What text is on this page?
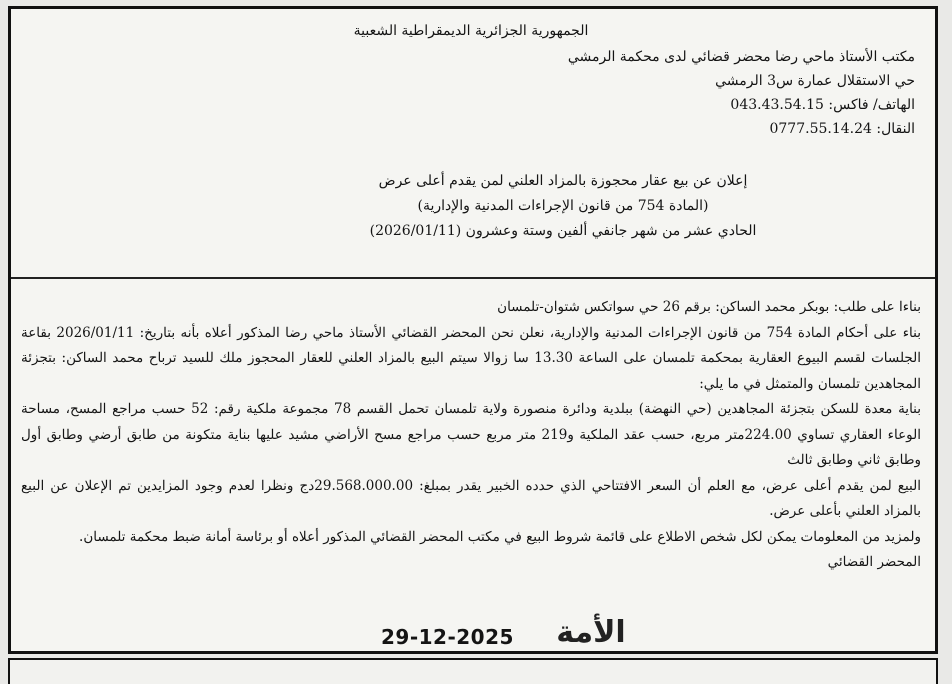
الجمهورية الجزائرية الديمقراطية الشعبية
مكتب الأستاذ ماحي رضا محضر قضائي لدى محكمة الرمشي
حي الاستقلال عمارة س3 الرمشي
الهاتف/ فاكس: 043.43.54.15
النقال: 0777.55.14.24
إعلان عن بيع عقار محجوزة بالمزاد العلني لمن يقدم أعلى عرض
(المادة 754 من قانون الإجراءات المدنية والإدارية)
الحادي عشر من شهر جانفي ألفين وستة وعشرون (2026/01/11)

بناءا على طلب: بوبكر محمد الساكن: برقم 26 حي سواتكس شتوان-تلمسان

بناء على أحكام المادة 754 من قانون الإجراءات المدنية والإدارية، نعلن نحن المحضر القضائي الأستاذ ماحي رضا المذكور أعلاه بأنه بتاريخ: 2026/01/11 بقاعة الجلسات لقسم البيوع العقارية بمحكمة تلمسان على الساعة 13.30 سا زوالا سيتم البيع بالمزاد العلني للعقار المحجوز ملك للسيد ترباح محمد الساكن: بتجزئة المجاهدين تلمسان والمتمثل في ما يلي:

بناية معدة للسكن بتجزئة المجاهدين (حي النهضة) ببلدية ودائرة منصورة ولاية تلمسان تحمل القسم 78 مجموعة ملكية رقم: 52 حسب مراجع المسح، مساحة الوعاء العقاري تساوي 224.00متر مربع، حسب عقد الملكية و219 متر مربع حسب مراجع مسح الأراضي مشيد عليها بناية متكونة من طابق أرضي وطابق أول وطابق ثاني وطابق ثالث

البيع لمن يقدم أعلى عرض، مع العلم أن السعر الافتتاحي الذي حدده الخبير يقدر بمبلغ: 29.568.000.00دج ونظرا لعدم وجود المزايدين تم الإعلان عن البيع بالمزاد العلني بأعلى عرض.

ولمزيد من المعلومات يمكن لكل شخص الاطلاع على قائمة شروط البيع في مكتب المحضر القضائي المذكور أعلاه أو برئاسة أمانة ضبط محكمة تلمسان.

المحضر القضائي

29-12-2025	الأمة
